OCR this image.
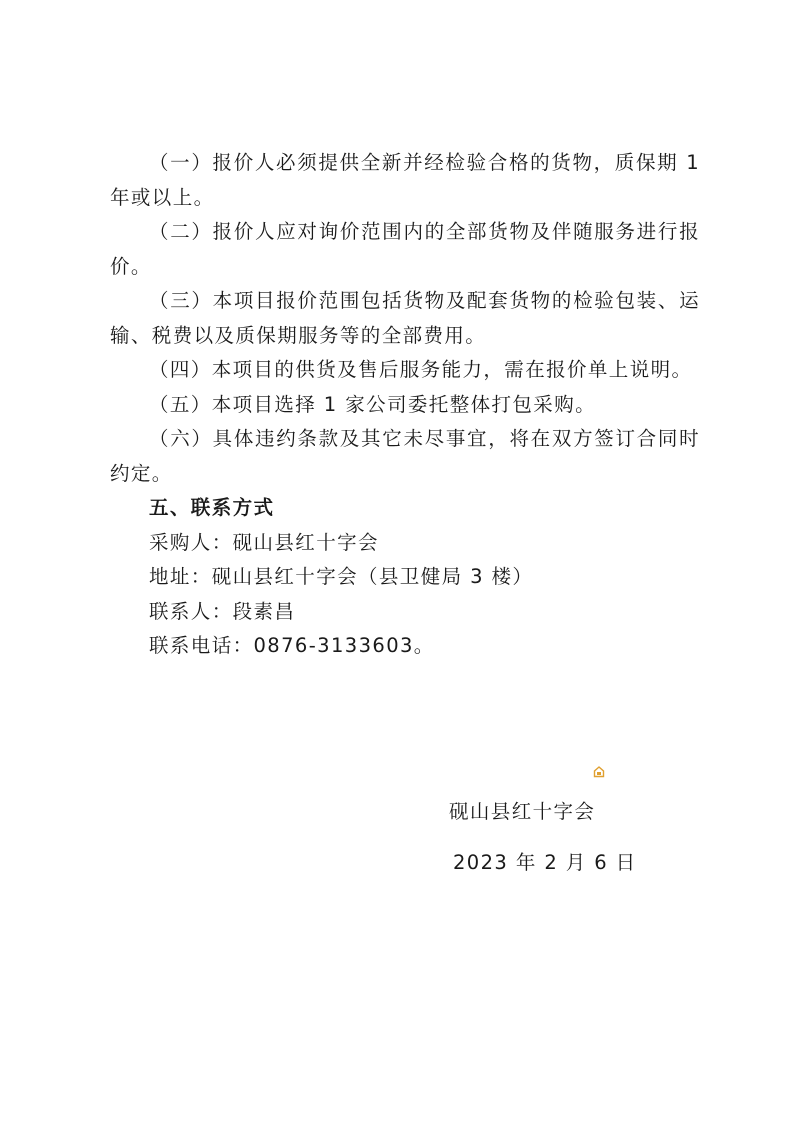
（一）报价人必须提供全新并经检验合格的货物，质保期 1 年或以上。

（二）报价人应对询价范围内的全部货物及伴随服务进行报价。

（三）本项目报价范围包括货物及配套货物的检验包装、运输、税费以及质保期服务等的全部费用。

（四）本项目的供货及售后服务能力，需在报价单上说明。

（五）本项目选择 1 家公司委托整体打包采购。

（六）具体违约条款及其它未尽事宜，将在双方签订合同时约定。

五、联系方式

采购人：砚山县红十字会

地址：砚山县红十字会（县卫健局 3 楼）

联系人：段素昌

联系电话：0876-3133603。

砚山县红十字会

2023 年 2 月 6 日
